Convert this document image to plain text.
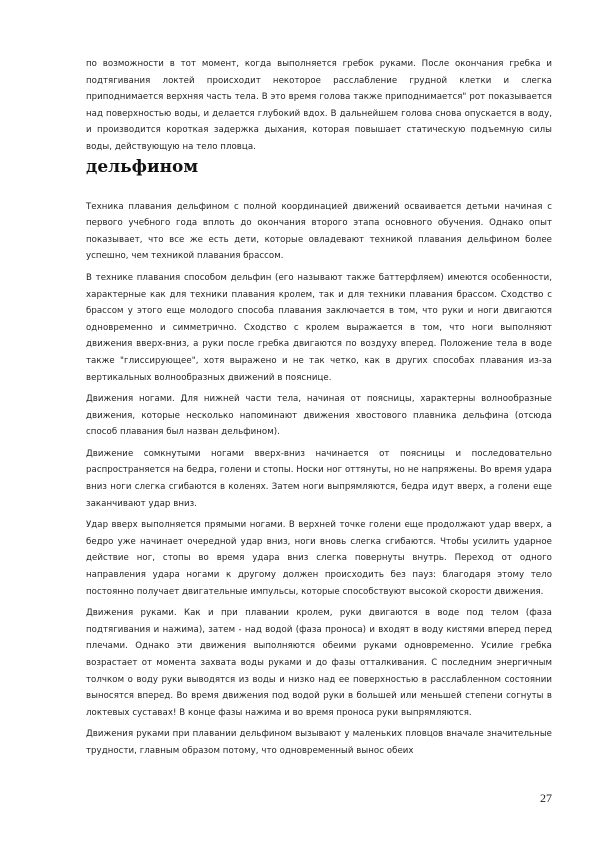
по возможности в тот момент, когда выполняется гребок руками. После окончания гребка и подтягивания локтей происходит некоторое расслабление грудной клетки и слегка приподнимается верхняя часть тела. В это время голова также приподнимается" рот показывается над поверхностью воды, и делается глубокий вдох. В дальнейшем голова снова опускается в воду, и производится короткая задержка дыхания, которая повышает статическую подъемную силы воды, действующую на тело пловца.

дельфином

Техника плавания дельфином с полной координацией движений осваивается детьми начиная с первого учебного года вплоть до окончания второго этапа основного обучения. Однако опыт показывает, что все же есть дети, которые овладевают техникой плавания дельфином более успешно, чем техникой плавания брассом.

В технике плавания способом дельфин (его называют также баттерфляем) имеются особенности, характерные как для техники плавания кролем, так и для техники плавания брассом. Сходство с брассом у этого еще молодого способа плавания заключается в том, что руки и ноги двигаются одновременно и симметрично. Сходство с кролем выражается в том, что ноги выполняют движения вверх-вниз, а руки после гребка двигаются по воздуху вперед. Положение тела в воде также "глиссирующее", хотя выражено и не так четко, как в других способах плавания из-за вертикальных волнообразных движений в пояснице.

Движения ногами. Для нижней части тела, начиная от поясницы, характерны волнообразные движения, которые несколько напоминают движения хвостового плавника дельфина (отсюда способ плавания был назван дельфином).

Движение сомкнутыми ногами вверх-вниз начинается от поясницы и последовательно распространяется на бедра, голени и стопы. Носки ног оттянуты, но не напряжены. Во время удара вниз ноги слегка сгибаются в коленях. Затем ноги выпрямляются, бедра идут вверх, а голени еще заканчивают удар вниз.

Удар вверх выполняется прямыми ногами. В верхней точке голени еще продолжают удар вверх, а бедро уже начинает очередной удар вниз, ноги вновь слегка сгибаются. Чтобы усилить ударное действие ног, стопы во время удара вниз слегка повернуты внутрь. Переход от одного направления удара ногами к другому должен происходить без пауз: благодаря этому тело постоянно получает двигательные импульсы, которые способствуют высокой скорости движения.

Движения руками. Как и при плавании кролем, руки двигаются в воде под телом (фаза подтягивания и нажима), затем - над водой (фаза проноса) и входят в воду кистями вперед перед плечами. Однако эти движения выполняются обеими руками одновременно. Усилие гребка возрастает от момента захвата воды руками и до фазы отталкивания. С последним энергичным толчком о воду руки выводятся из воды и низко над ее поверхностью в расслабленном состоянии выносятся вперед. Во время движения под водой руки в большей или меньшей степени согнуты в локтевых суставах! В конце фазы нажима и во время проноса руки выпрямляются.

Движения руками при плавании дельфином вызывают у маленьких пловцов вначале значительные трудности, главным образом потому, что одновременный вынос обеих

27
